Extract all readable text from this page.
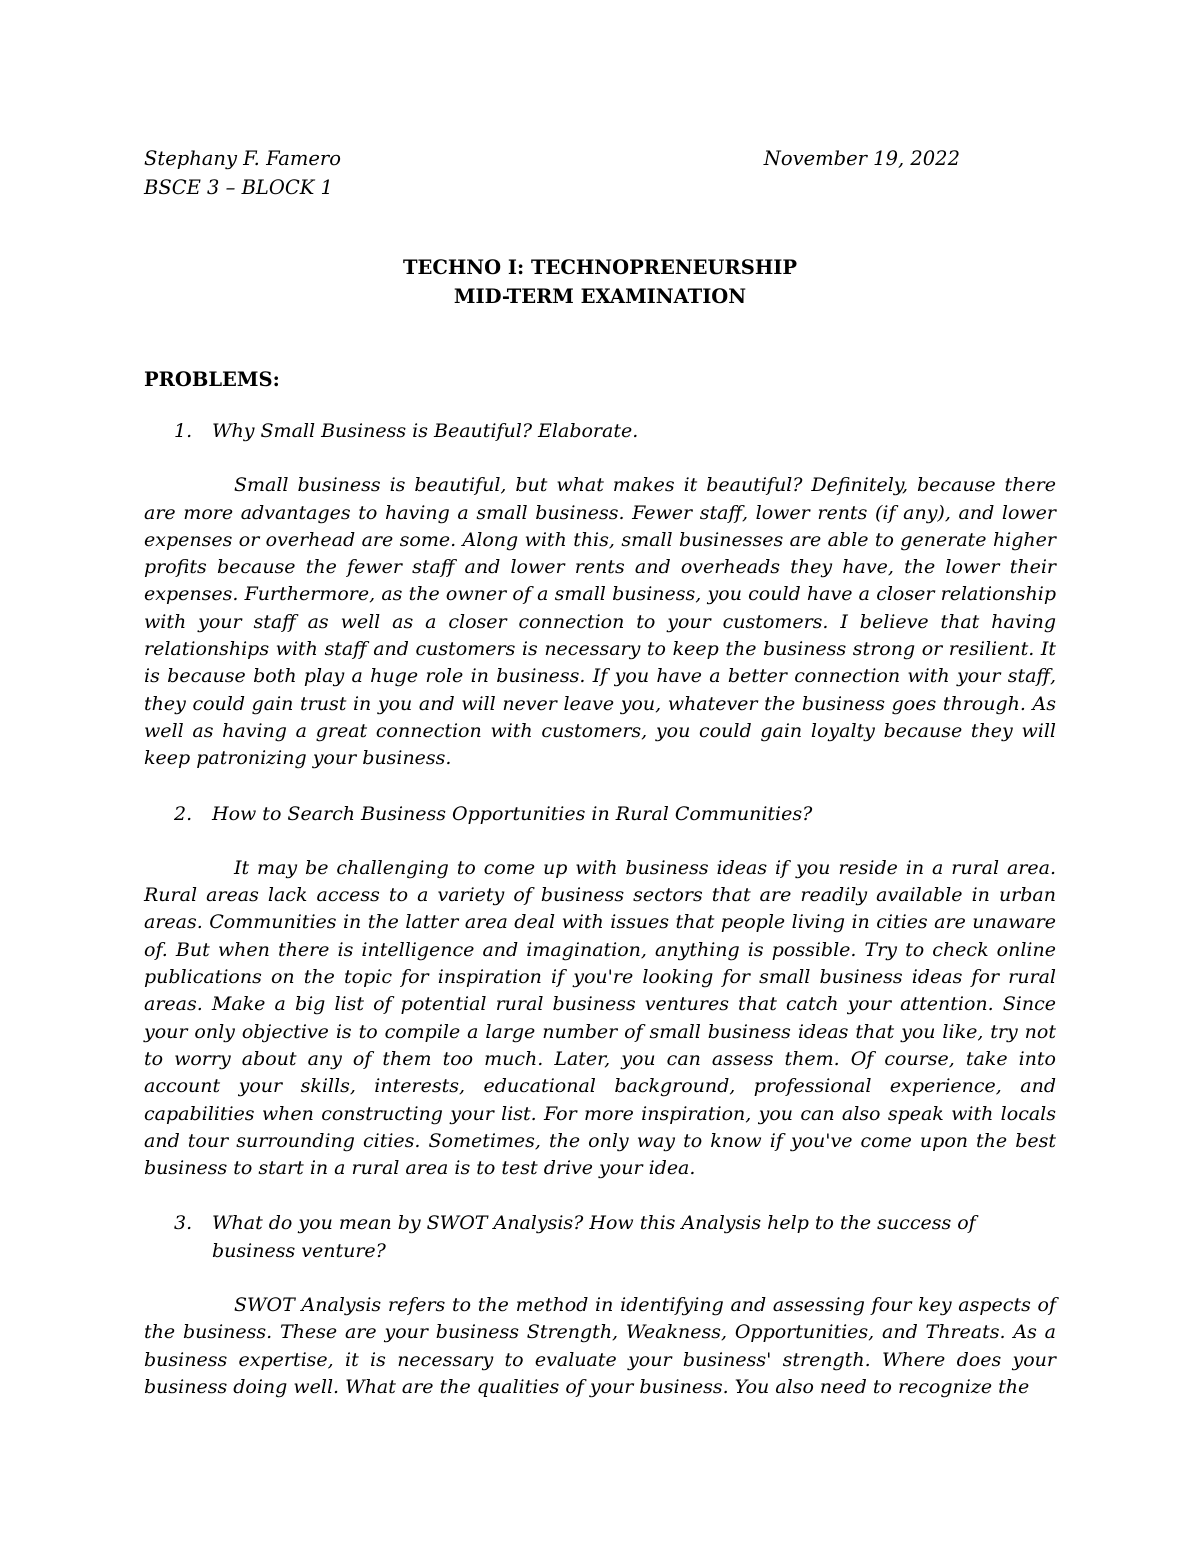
Stephany F. Famero
BSCE 3 – BLOCK 1
November 19, 2022
TECHNO I: TECHNOPRENEURSHIP
MID-TERM EXAMINATION
PROBLEMS:
1.	Why Small Business is Beautiful? Elaborate.

Small business is beautiful, but what makes it beautiful? Definitely, because there are more advantages to having a small business. Fewer staff, lower rents (if any), and lower expenses or overhead are some. Along with this, small businesses are able to generate higher profits because the fewer staff and lower rents and overheads they have, the lower their expenses. Furthermore, as the owner of a small business, you could have a closer relationship with your staff as well as a closer connection to your customers. I believe that having relationships with staff and customers is necessary to keep the business strong or resilient. It is because both play a huge role in business. If you have a better connection with your staff, they could gain trust in you and will never leave you, whatever the business goes through. As well as having a great connection with customers, you could gain loyalty because they will keep patronizing your business.

2.	How to Search Business Opportunities in Rural Communities?

It may be challenging to come up with business ideas if you reside in a rural area. Rural areas lack access to a variety of business sectors that are readily available in urban areas. Communities in the latter area deal with issues that people living in cities are unaware of. But when there is intelligence and imagination, anything is possible. Try to check online publications on the topic for inspiration if you're looking for small business ideas for rural areas. Make a big list of potential rural business ventures that catch your attention. Since your only objective is to compile a large number of small business ideas that you like, try not to worry about any of them too much. Later, you can assess them. Of course, take into account your skills, interests, educational background, professional experience, and capabilities when constructing your list. For more inspiration, you can also speak with locals and tour surrounding cities. Sometimes, the only way to know if you've come upon the best business to start in a rural area is to test drive your idea.

3.	What do you mean by SWOT Analysis? How this Analysis help to the success of business venture?

SWOT Analysis refers to the method in identifying and assessing four key aspects of the business. These are your business Strength, Weakness, Opportunities, and Threats. As a business expertise, it is necessary to evaluate your business' strength. Where does your business doing well. What are the qualities of your business. You also need to recognize the
